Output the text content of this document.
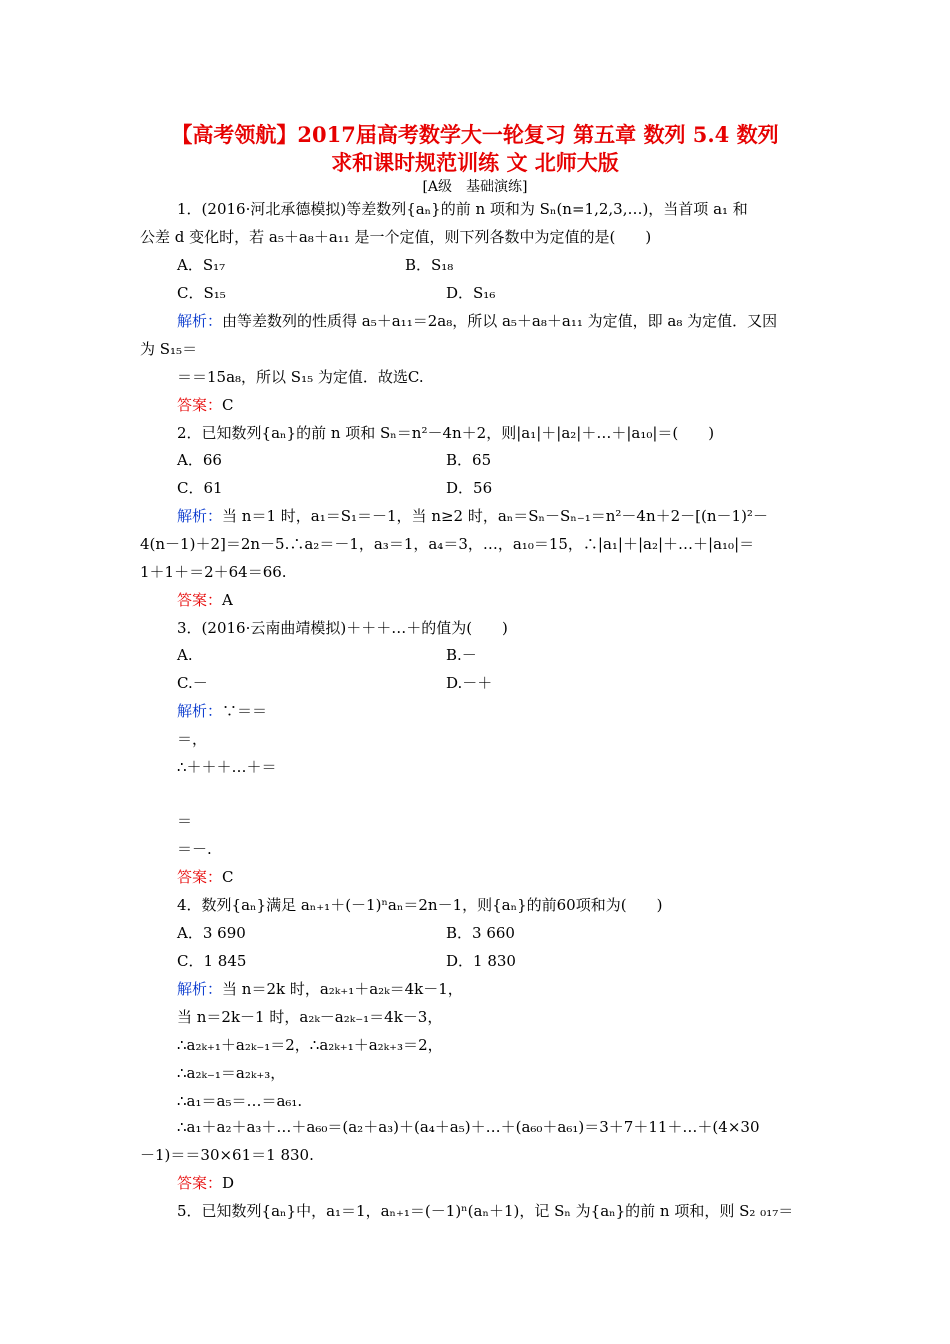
【高考领航】2017届高考数学大一轮复习 第五章 数列 5.4 数列
求和课时规范训练 文 北师大版
[A级　基础演练]
1．(2016·河北承德模拟)等差数列{aₙ}的前 n 项和为 Sₙ(n=1,2,3,…)，当首项 a₁ 和
公差 d 变化时，若 a₅＋a₈＋a₁₁ 是一个定值，则下列各数中为定值的是(　　)
A．S₁₇	B．S₁₈
C．S₁₅	D．S₁₆
解析：由等差数列的性质得 a₅＋a₁₁＝2a₈，所以 a₅＋a₈＋a₁₁ 为定值，即 a₈ 为定值．又因
为 S₁₅＝
＝＝15a₈，所以 S₁₅ 为定值．故选C.
答案：C
2．已知数列{aₙ}的前 n 项和 Sₙ＝n²－4n＋2，则|a₁|＋|a₂|＋…＋|a₁₀|＝(　　)
A．66	B．65
C．61	D．56
解析：当 n＝1 时，a₁＝S₁＝－1，当 n≥2 时，aₙ＝Sₙ－Sₙ₋₁＝n²－4n＋2－[(n－1)²－
4(n－1)＋2]＝2n－5.∴a₂＝－1，a₃＝1，a₄＝3，…，a₁₀＝15，∴|a₁|＋|a₂|＋…＋|a₁₀|＝
1＋1＋＝2＋64＝66.
答案：A
3．(2016·云南曲靖模拟)＋＋＋…＋的值为(　　)
A.	B.－
C.－	D.－＋
解析：∵＝＝
＝，
∴＋＋＋…＋＝
＝
＝－.
答案：C
4．数列{aₙ}满足 aₙ₊₁＋(－1)ⁿaₙ＝2n－1，则{aₙ}的前60项和为(　　)
A．3 690	B．3 660
C．1 845	D．1 830
解析：当 n＝2k 时，a₂ₖ₊₁＋a₂ₖ＝4k－1，
当 n＝2k－1 时，a₂ₖ－a₂ₖ₋₁＝4k－3，
∴a₂ₖ₊₁＋a₂ₖ₋₁＝2，∴a₂ₖ₊₁＋a₂ₖ₊₃＝2，
∴a₂ₖ₋₁＝a₂ₖ₊₃，
∴a₁＝a₅＝…＝a₆₁.
∴a₁＋a₂＋a₃＋…＋a₆₀＝(a₂＋a₃)＋(a₄＋a₅)＋…＋(a₆₀＋a₆₁)＝3＋7＋11＋…＋(4×30
－1)＝＝30×61＝1 830.
答案：D
5．已知数列{aₙ}中，a₁＝1，aₙ₊₁＝(－1)ⁿ(aₙ＋1)，记 Sₙ 为{aₙ}的前 n 项和，则 S₂ ₀₁₇＝
